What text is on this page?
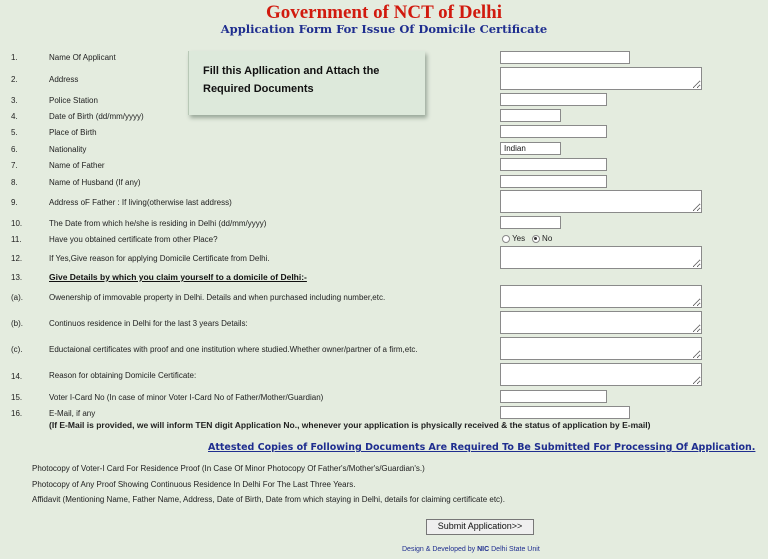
Government of NCT of Delhi
Application Form For Issue Of Domicile Certificate
Fill this Apllication and Attach the Required Documents
1.	Name Of Applicant
2.	Address
3.	Police Station
4.	Date of Birth (dd/mm/yyyy)
5.	Place of Birth
6.	Nationality
Indian
7.	Name of Father
8.	Name of Husband (If any)
9.	Address oF Father : If living(otherwise last address)
10.	The Date from which he/she is residing in Delhi (dd/mm/yyyy)
11.	Have you obtained certificate from other Place?	Yes No
12.	If Yes,Give reason for applying Domicile Certificate from Delhi.
13.	Give Details by which you claim yourself to a domicile of Delhi:-
(a).	Owenership of immovable property in Delhi. Details and when purchased including number,etc.
(b).	Continuos residence in Delhi for the last 3 years Details:
(c).	Eductaional certificates with proof and one institution where studied.Whether owner/partner of a firm,etc.
14.	Reason for obtaining Domicile Certificate:
15.	Voter I-Card No (In case of minor Voter I-Card No of Father/Mother/Guardian)
16.	E-Mail, if any
(If E-Mail is provided, we will inform TEN digit Application No., whenever your application is physically received & the status of application by E-mail)
Attested Copies of Following Documents Are Required To Be Submitted For Processing Of Application.
Photocopy of Voter-I Card For Residence Proof (In Case Of Minor Photocopy Of Father's/Mother's/Guardian's.)
Photocopy of Any Proof Showing Continuous Residence In Delhi For The Last Three Years.
Affidavit (Mentioning Name, Father Name, Address, Date of Birth, Date from which staying in Delhi, details for claiming certificate etc).
Submit Application>>
Design & Developed by NIC Delhi State Unit
